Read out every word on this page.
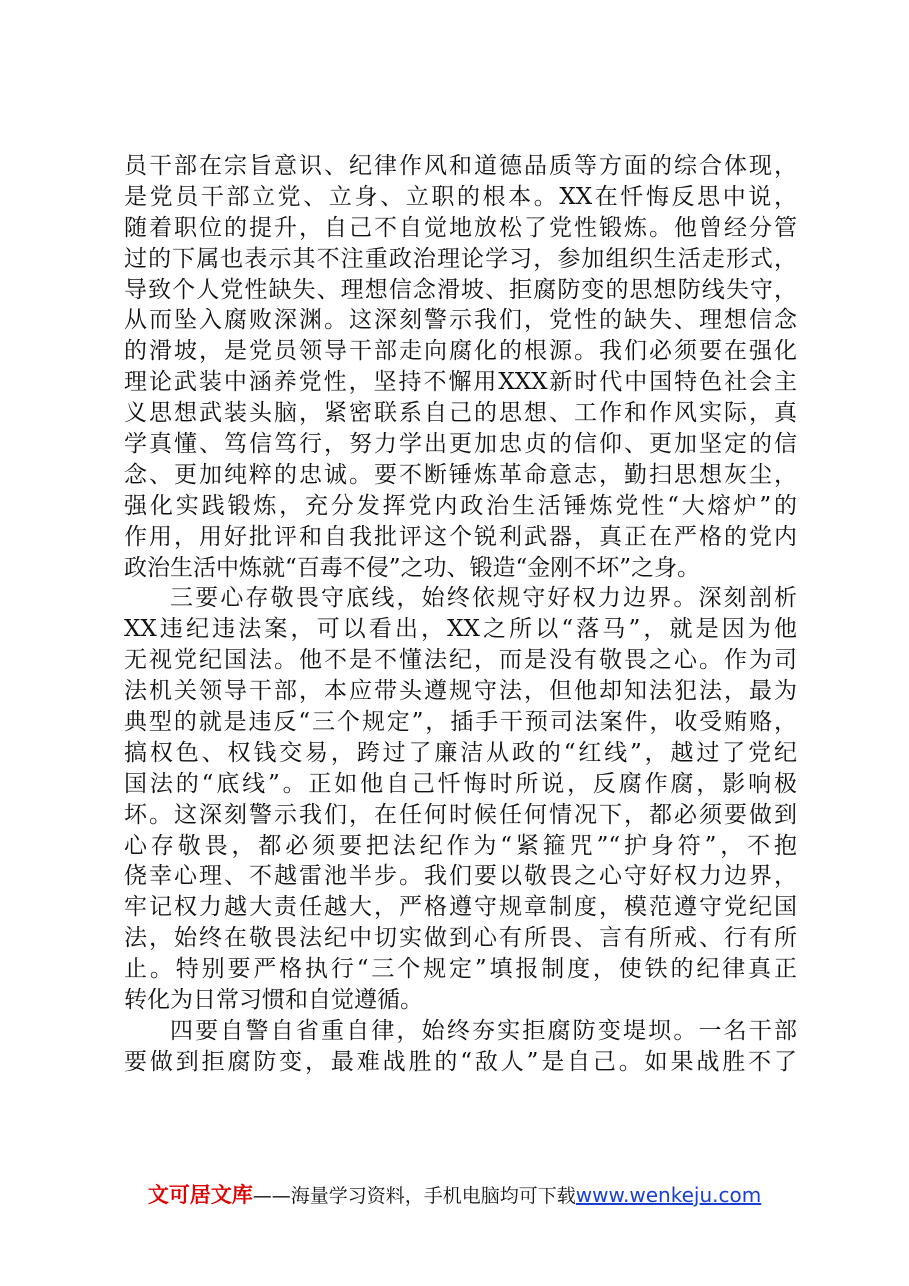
员干部在宗旨意识、纪律作风和道德品质等方面的综合体现，
是党员干部立党、立身、立职的根本。XX在忏悔反思中说，
随着职位的提升，自己不自觉地放松了党性锻炼。他曾经分管
过的下属也表示其不注重政治理论学习，参加组织生活走形式，
导致个人党性缺失、理想信念滑坡、拒腐防变的思想防线失守，
从而坠入腐败深渊。这深刻警示我们，党性的缺失、理想信念
的滑坡，是党员领导干部走向腐化的根源。我们必须要在强化
理论武装中涵养党性，坚持不懈用XXX新时代中国特色社会主
义思想武装头脑，紧密联系自己的思想、工作和作风实际，真
学真懂、笃信笃行，努力学出更加忠贞的信仰、更加坚定的信
念、更加纯粹的忠诚。要不断锤炼革命意志，勤扫思想灰尘，
强化实践锻炼，充分发挥党内政治生活锤炼党性“大熔炉”的
作用，用好批评和自我批评这个锐利武器，真正在严格的党内
政治生活中炼就“百毒不侵”之功、锻造“金刚不坏”之身。
三要心存敬畏守底线，始终依规守好权力边界。深刻剖析
XX违纪违法案，可以看出，XX之所以“落马”，就是因为他
无视党纪国法。他不是不懂法纪，而是没有敬畏之心。作为司
法机关领导干部，本应带头遵规守法，但他却知法犯法，最为
典型的就是违反“三个规定”，插手干预司法案件，收受贿赂，
搞权色、权钱交易，跨过了廉洁从政的“红线”，越过了党纪
国法的“底线”。正如他自己忏悔时所说，反腐作腐，影响极
坏。这深刻警示我们，在任何时候任何情况下，都必须要做到
心存敬畏，都必须要把法纪作为“紧箍咒”“护身符”，不抱
侥幸心理、不越雷池半步。我们要以敬畏之心守好权力边界，
牢记权力越大责任越大，严格遵守规章制度，模范遵守党纪国
法，始终在敬畏法纪中切实做到心有所畏、言有所戒、行有所
止。特别要严格执行“三个规定”填报制度，使铁的纪律真正
转化为日常习惯和自觉遵循。
四要自警自省重自律，始终夯实拒腐防变堤坝。一名干部
要做到拒腐防变，最难战胜的“敌人”是自己。如果战胜不了
文可居文库——海量学习资料，手机电脑均可下载www.wenkeju.com
